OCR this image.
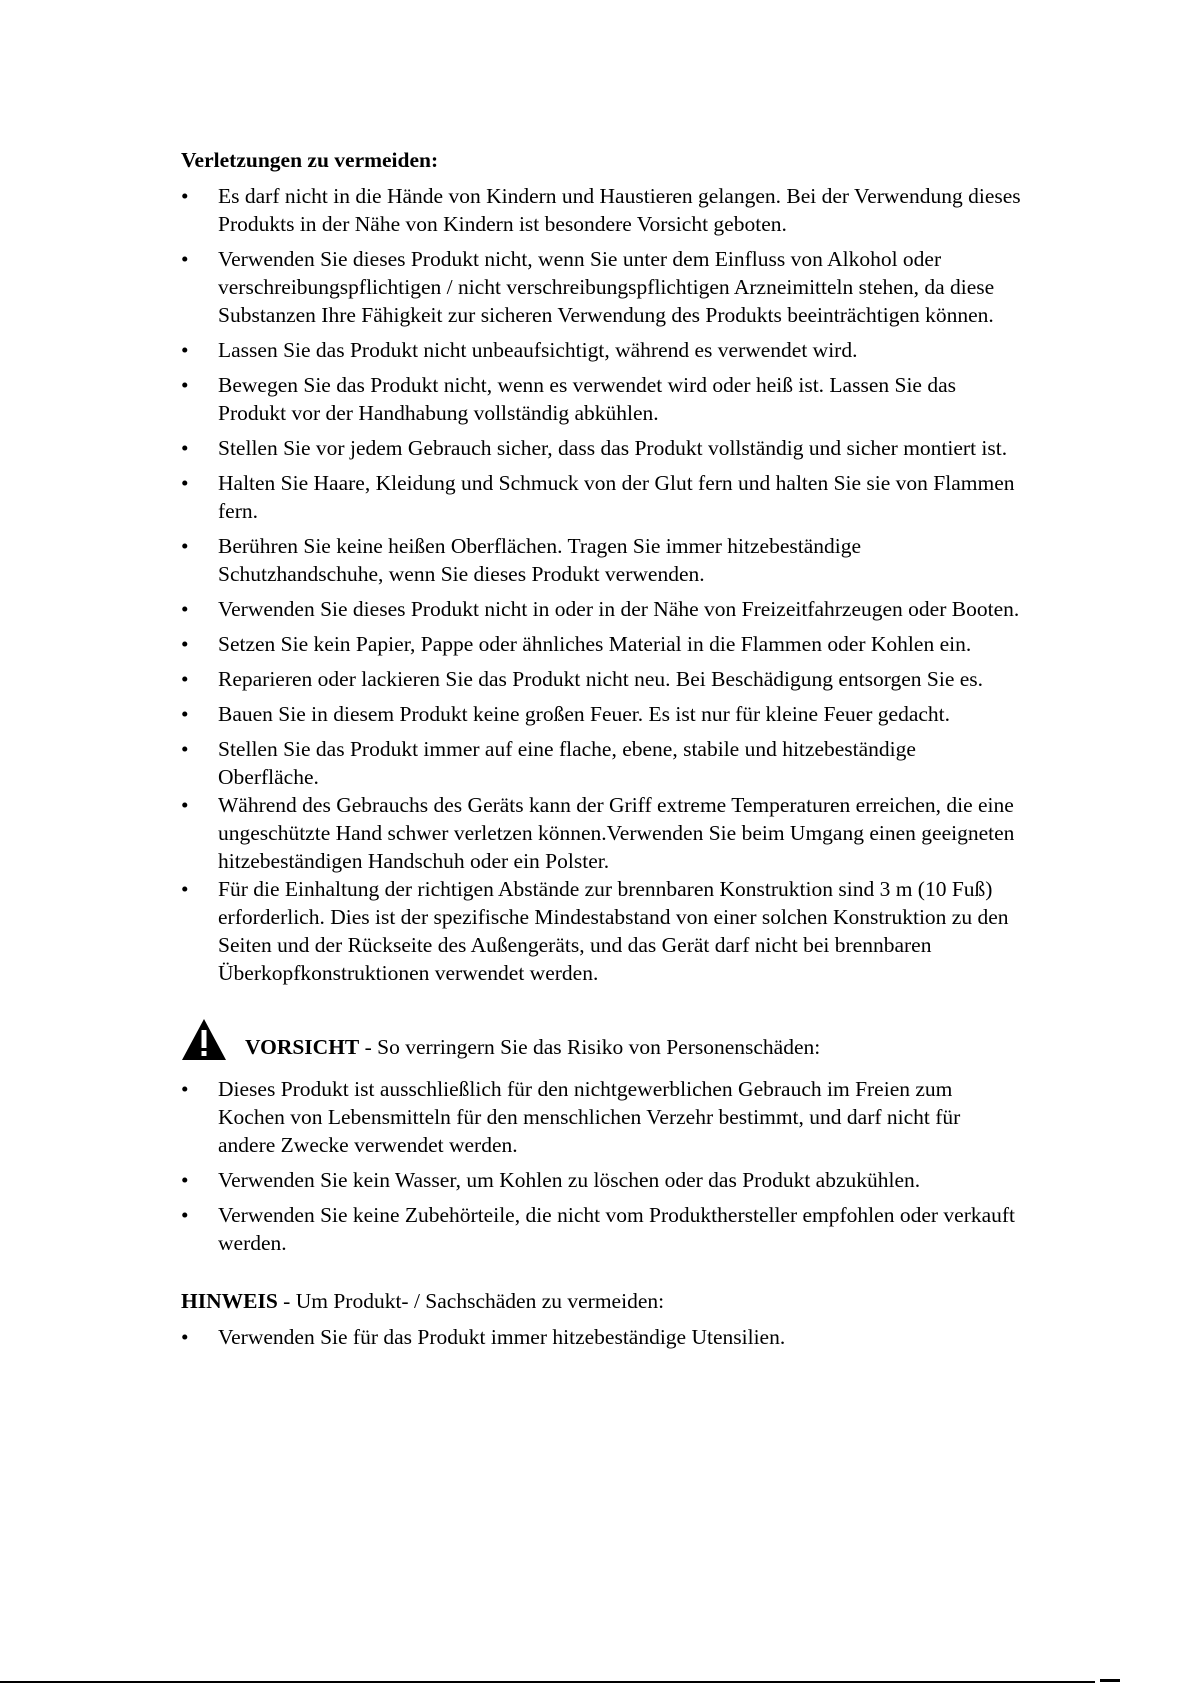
Verletzungen zu vermeiden:
• Es darf nicht in die Hände von Kindern und Haustieren gelangen. Bei der Verwendung dieses Produkts in der Nähe von Kindern ist besondere Vorsicht geboten.
• Verwenden Sie dieses Produkt nicht, wenn Sie unter dem Einfluss von Alkohol oder verschreibungspflichtigen / nicht verschreibungspflichtigen Arzneimitteln stehen, da diese Substanzen Ihre Fähigkeit zur sicheren Verwendung des Produkts beeinträchtigen können.
• Lassen Sie das Produkt nicht unbeaufsichtigt, während es verwendet wird.
• Bewegen Sie das Produkt nicht, wenn es verwendet wird oder heiß ist. Lassen Sie das Produkt vor der Handhabung vollständig abkühlen.
• Stellen Sie vor jedem Gebrauch sicher, dass das Produkt vollständig und sicher montiert ist.
• Halten Sie Haare, Kleidung und Schmuck von der Glut fern und halten Sie sie von Flammen fern.
• Berühren Sie keine heißen Oberflächen. Tragen Sie immer hitzebeständige Schutzhandschuhe, wenn Sie dieses Produkt verwenden.
• Verwenden Sie dieses Produkt nicht in oder in der Nähe von Freizeitfahrzeugen oder Booten.
• Setzen Sie kein Papier, Pappe oder ähnliches Material in die Flammen oder Kohlen ein.
• Reparieren oder lackieren Sie das Produkt nicht neu. Bei Beschädigung entsorgen Sie es.
• Bauen Sie in diesem Produkt keine großen Feuer. Es ist nur für kleine Feuer gedacht.
• Stellen Sie das Produkt immer auf eine flache, ebene, stabile und hitzebeständige Oberfläche.
• Während des Gebrauchs des Geräts kann der Griff extreme Temperaturen erreichen, die eine ungeschützte Hand schwer verletzen können.Verwenden Sie beim Umgang einen geeigneten hitzebeständigen Handschuh oder ein Polster.
• Für die Einhaltung der richtigen Abstände zur brennbaren Konstruktion sind 3 m (10 Fuß) erforderlich. Dies ist der spezifische Mindestabstand von einer solchen Konstruktion zu den Seiten und der Rückseite des Außengeräts, und das Gerät darf nicht bei brennbaren Überkopfkonstruktionen verwendet werden.
VORSICHT - So verringern Sie das Risiko von Personenschäden:
• Dieses Produkt ist ausschließlich für den nichtgewerblichen Gebrauch im Freien zum Kochen von Lebensmitteln für den menschlichen Verzehr bestimmt, und darf nicht für andere Zwecke verwendet werden.
• Verwenden Sie kein Wasser, um Kohlen zu löschen oder das Produkt abzukühlen.
• Verwenden Sie keine Zubehörteile, die nicht vom Produkthersteller empfohlen oder verkauft werden.
HINWEIS - Um Produkt- / Sachschäden zu vermeiden:
• Verwenden Sie für das Produkt immer hitzebeständige Utensilien.
